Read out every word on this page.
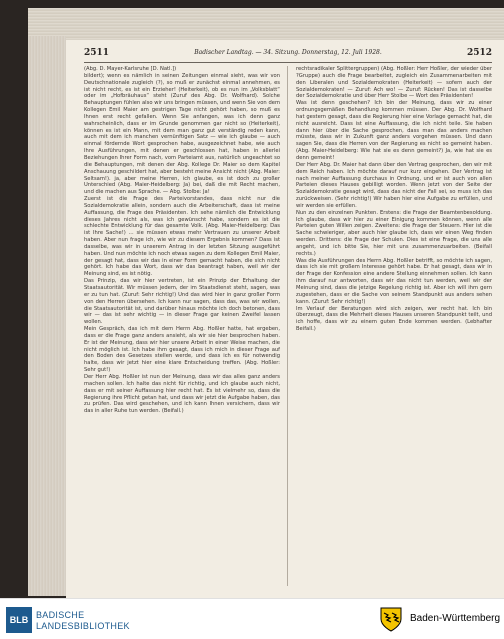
2511	Badischer Landtag. — 34. Sitzung. Donnerstag, 12. Juli 1928.	2512

(Abg. D. Mayer-Karlsruhe [D. Natl.])

bildert); wenn es nämlich in seinen Zeitungen einmal sieht, was wir von Deutschnationale zugleich (?), so muß er zunächst einmal annehmen, es ist nicht recht, es ist ein Erzieher! (Heiterkeit), ob es nun im „Volksblatt“ oder im „Hofbräuhaus“ steht (Zuruf des Abg. Dr. Wolfhard). Solche Behauptungen fühlen also wir uns bringen müssen, und wenn Sie von dem Kollegen Emil Maier am gestrigen Tage nicht gehört haben, so muß es Ihnen erst recht gefallen. Wenn Sie anfangen, was ich denn ganz wahrscheinlich, dass er im Grunde genommen gar nicht so (Heiterkeit), können es ist ein Mann, mit dem man ganz gut verständig reden kann, auch mit dem ich manchen vernünftigen Satz — wie ich glaube — auch einmal fördernde Wort gesprochen habe, ausgezeichnet habe, wie auch Ihre Ausführungen, mit denen er geschlossen hat, haben in allerlei Beziehungen Ihrer Form nach, vom Parteiamt aus, natürlich ungeachtet so die Behauptungen, mit denen der Abg. Kollege Dr. Maier so dem Kapitel Anschauung geschildert hat, aber besteht meine Ansicht nicht (Abg. Maier: Seltsam!). ja, aber meine Herren, ich glaube, es ist doch zu großer Unterschied (Abg. Maier-Heidelberg: Ja) bei, daß die mit Recht machen, und die machen aus Sprache. — Abg. Stolbe: Ja!

Zuerst ist die Frage des Parteivorstandes, dass nicht nur die Sozialdemokratie allein, sondern auch die Arbeiterschaft, dass ist meine Auffassung, die Frage des Präsidenten. Ich sehe nämlich die Entwicklung dieses Jahres nicht als, was ich gewünscht habe, sondern es ist die schlechte Entwicklung für das gesamte Volk. (Abg. Maier-Heidelberg: Das ist Ihre Sache!) ... sie müssen etwas mehr Vertrauen zu unserer Arbeit haben. Aber nun frage ich, wie wir zu diesem Ergebnis kommen? Dass ist dasselbe, was wir in unserem Antrag in der letzten Sitzung ausgeführt haben. Und nun möchte ich noch etwas sagen zu dem Kollegen Emil Maier, der gesagt hat, dass wir das in einer Form gemacht haben, die sich nicht gehört. Ich habe das Wort, dass wir das beantragt haben, weil wir der Meinung sind, es ist nötig.

Das Prinzip, das wir hier vertreten, ist ein Prinzip der Erhaltung der Staatsautorität. Wir müssen jedem, der im Staatsdienst steht, sagen, was er zu tun hat. (Zuruf: Sehr richtig!) Und das wird hier in ganz großer Form von den Herren übersehen. Ich kann nur sagen, dass das, was wir wollen, die Staatsautorität ist, und darüber hinaus möchte ich doch betonen, dass wir — das ist sehr wichtig — in dieser Frage gar keinen Zweifel lassen wollen.

Mein Gespräch, das ich mit dem Herrn Abg. Hoßler hatte, hat ergeben, dass er die Frage ganz anders ansieht, als wir sie hier besprochen haben. Er ist der Meinung, dass wir hier unsere Arbeit in einer Weise machen, die nicht möglich ist. Ich habe ihm gesagt, dass ich mich in dieser Frage auf den Boden des Gesetzes stellen werde, und dass ich es für notwendig halte, dass wir jetzt hier eine klare Entscheidung treffen. (Abg. Hoßler: Sehr gut!)

Der Herr Abg. Hoßler ist nun der Meinung, dass wir das alles ganz anders machen sollen. Ich halte das nicht für richtig, und ich glaube auch nicht, dass er mit seiner Auffassung hier recht hat. Es ist vielmehr so, dass die Regierung ihre Pflicht getan hat, und dass wir jetzt die Aufgabe haben, das zu prüfen. Das wird geschehen, und ich kann Ihnen versichern, dass wir das in aller Ruhe tun werden. (Beifall.)

rechtsradikaler Splittergruppen) (Abg. Hoßler: Herr Hoßler, der wieder über ?Gruppe) auch die Frage bearbeitet, zugleich ein Zusammenarbeiten mit den Liberalen und Sozialdemokraten (Heiterkeit) — sofern auch der Sozialdemokraten! — Zuruf: Ach wo! — Zuruf: Rücken! Das ist dasselbe der Sozialdemokratie und über Herr Stolbe — Wort des Präsidenten!

Was ist denn geschehen? Ich bin der Meinung, dass wir zu einer ordnungsgemäßen Behandlung kommen müssen. Der Abg. Dr. Wolfhard hat gestern gesagt, dass die Regierung hier eine Vorlage gemacht hat, die nicht ausreicht. Dass ist eine Auffassung, die ich nicht teile. Sie haben dann hier über die Sache gesprochen, dass man das anders machen müsste, dass wir in Zukunft ganz anders vorgehen müssen. Und dann sagen Sie, dass die Herren von der Regierung es nicht so gemeint haben. (Abg. Maier-Heidelberg: Wie hat sie es denn gemeint?) Ja, wie hat sie es denn gemeint!

Der Herr Abg. Dr. Maier hat dann über den Vertrag gesprochen, den wir mit dem Reich haben. Ich möchte darauf nur kurz eingehen. Der Vertrag ist nach meiner Auffassung durchaus in Ordnung, und er ist auch von allen Parteien dieses Hauses gebilligt worden. Wenn jetzt von der Seite der Sozialdemokratie gesagt wird, dass das nicht der Fall sei, so muss ich das zurückweisen. (Sehr richtig!) Wir haben hier eine Aufgabe zu erfüllen, und wir werden sie erfüllen.

Nun zu den einzelnen Punkten. Erstens: die Frage der Beamtenbesoldung. Ich glaube, dass wir hier zu einer Einigung kommen können, wenn alle Parteien guten Willen zeigen. Zweitens: die Frage der Steuern. Hier ist die Sache schwieriger, aber auch hier glaube ich, dass wir einen Weg finden werden. Drittens: die Frage der Schulen. Dies ist eine Frage, die uns alle angeht, und ich bitte Sie, hier mit uns zusammenzuarbeiten. (Beifall rechts.)

Was die Ausführungen des Herrn Abg. Hoßler betrifft, so möchte ich sagen, dass ich sie mit großem Interesse gehört habe. Er hat gesagt, dass wir in der Frage der Konfession eine andere Stellung einnehmen sollen. Ich kann ihm darauf nur antworten, dass wir das nicht tun werden, weil wir der Meinung sind, dass die jetzige Regelung richtig ist. Aber ich will ihm gern zugestehen, dass er die Sache von seinem Standpunkt aus anders sehen kann. (Zuruf: Sehr richtig!)

Im Verlauf der Beratungen wird sich zeigen, wer recht hat. Ich bin überzeugt, dass die Mehrheit dieses Hauses unseren Standpunkt teilt, und ich hoffe, dass wir zu einem guten Ende kommen werden. (Lebhafter Beifall.)

BLB BADISCHE
LANDESBIBLIOTHEK
Baden-Württemberg
